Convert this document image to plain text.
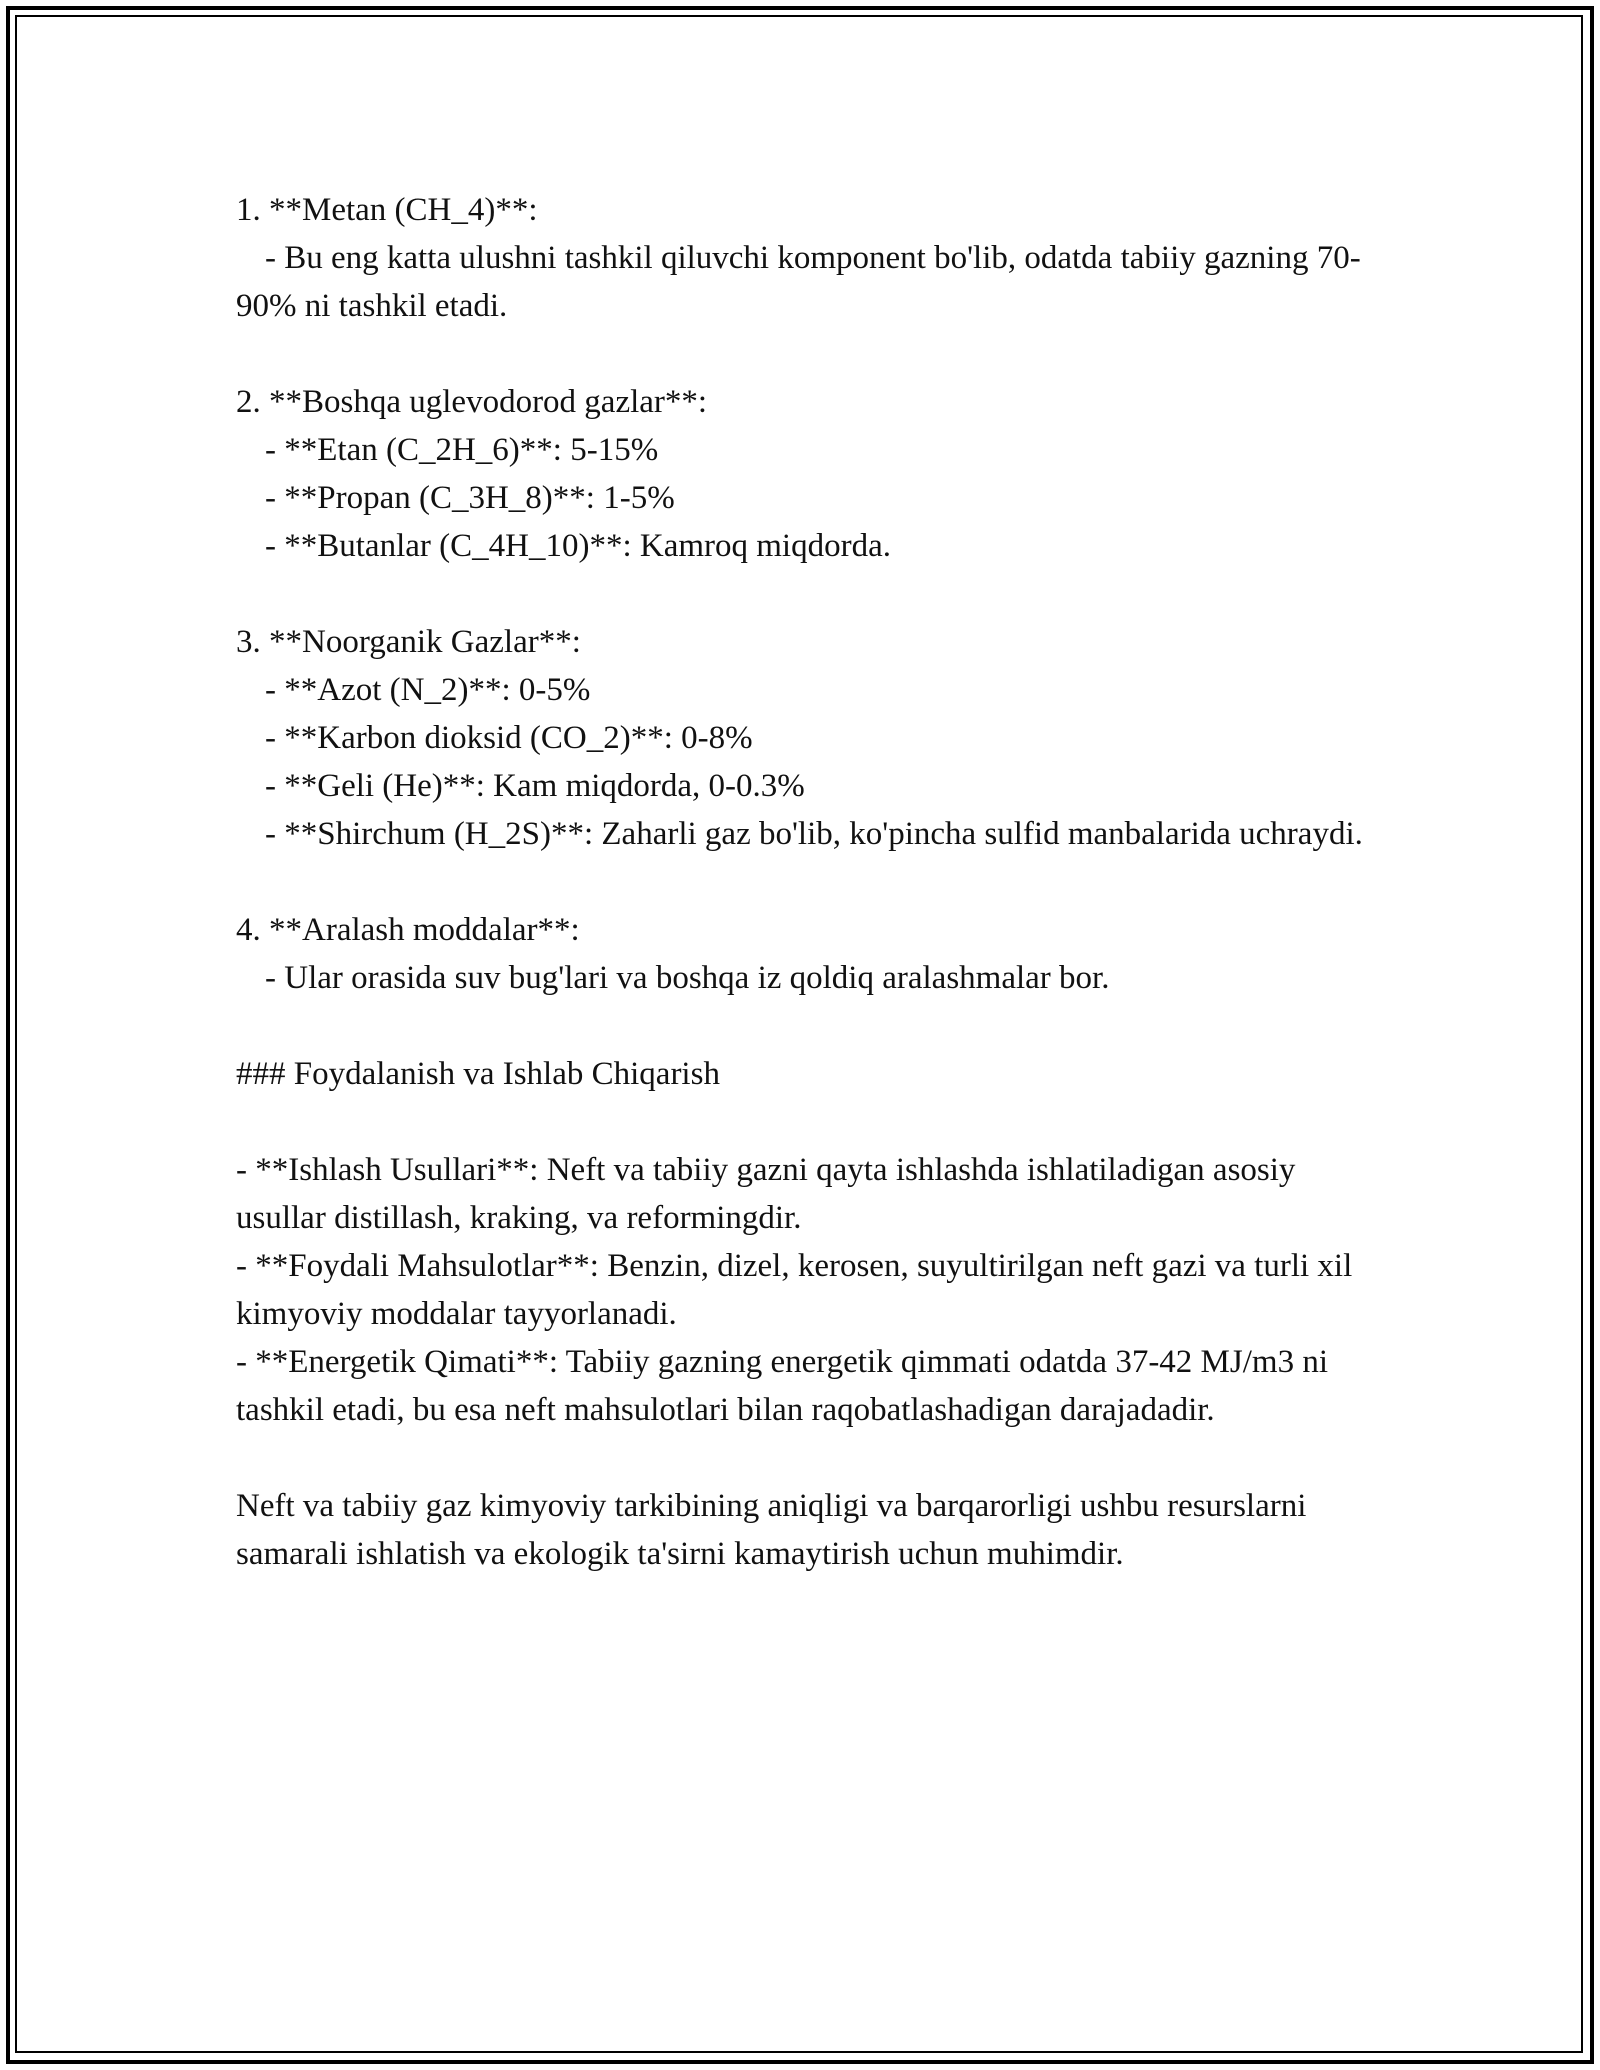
1. **Metan (CH_4)**:

- Bu eng katta ulushni tashkil qiluvchi komponent bo'lib, odatda tabiiy gazning 70-90% ni tashkil etadi.

2. **Boshqa uglevodorod gazlar**:

- **Etan (C_2H_6)**: 5-15%

- **Propan (C_3H_8)**: 1-5%

- **Butanlar (C_4H_10)**: Kamroq miqdorda.

3. **Noorganik Gazlar**:

- **Azot (N_2)**: 0-5%

- **Karbon dioksid (CO_2)**: 0-8%

- **Geli (He)**: Kam miqdorda, 0-0.3%

- **Shirchum (H_2S)**: Zaharli gaz bo'lib, ko'pincha sulfid manbalarida uchraydi.

4. **Aralash moddalar**:

- Ular orasida suv bug'lari va boshqa iz qoldiq aralashmalar bor.

### Foydalanish va Ishlab Chiqarish

- **Ishlash Usullari**: Neft va tabiiy gazni qayta ishlashda ishlatiladigan asosiy usullar distillash, kraking, va reformingdir.

- **Foydali Mahsulotlar**: Benzin, dizel, kerosen, suyultirilgan neft gazi va turli xil kimyoviy moddalar tayyorlanadi.

- **Energetik Qimati**: Tabiiy gazning energetik qimmati odatda 37-42 MJ/m3 ni tashkil etadi, bu esa neft mahsulotlari bilan raqobatlashadigan darajadadir.

Neft va tabiiy gaz kimyoviy tarkibining aniqligi va barqarorligi ushbu resurslarni samarali ishlatish va ekologik ta'sirni kamaytirish uchun muhimdir.
